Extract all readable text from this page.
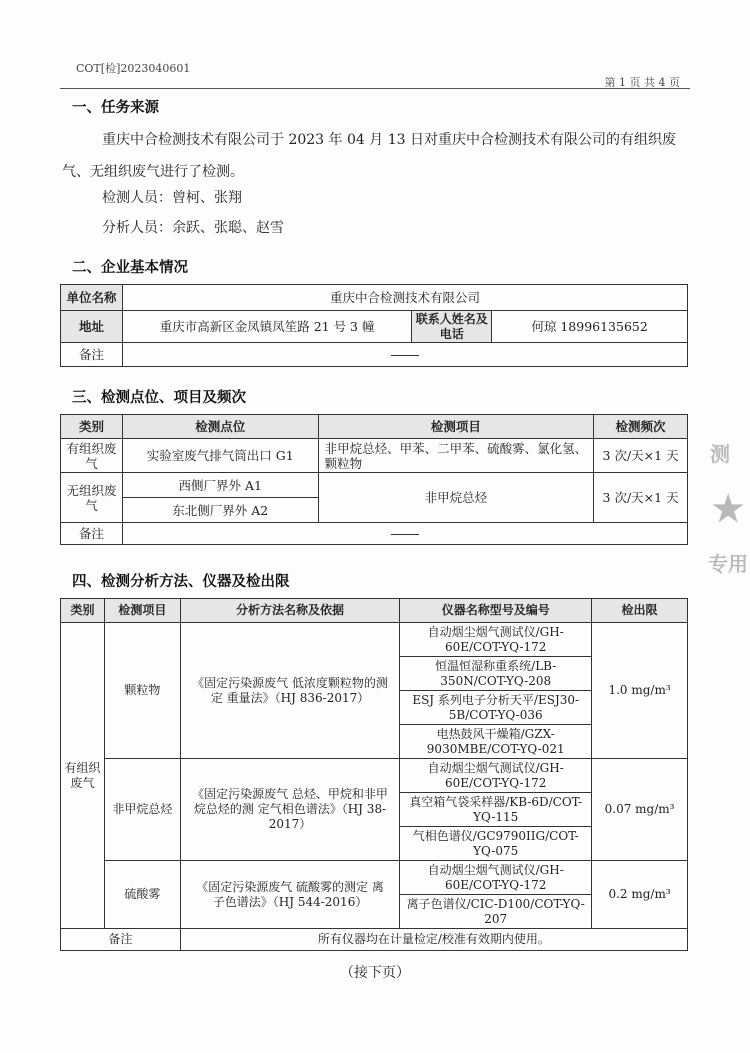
COT[检]2023040601
第 1 页 共 4 页
一、任务来源
重庆中合检测技术有限公司于 2023 年 04 月 13 日对重庆中合检测技术有限公司的有组织废气、无组织废气进行了检测。
检测人员：曾柯、张翔
分析人员：余跃、张聪、赵雪
二、企业基本情况
单位名称	重庆中合检测技术有限公司		
地址	重庆市高新区金凤镇凤笙路 21 号 3 幢	联系人姓名及电话	何琼 18996135652
备注			
三、检测点位、项目及频次
类别	检测点位	检测项目	检测频次
有组织废气	实验室废气排气筒出口 G1	非甲烷总烃、甲苯、二甲苯、硫酸雾、氯化氢、颗粒物	3 次/天×1 天
无组织废气	西侧厂界外 A1	非甲烷总烃	3 次/天×1 天
	东北侧厂界外 A2		
备注			
四、检测分析方法、仪器及检出限
类别	检测项目	分析方法名称及依据	仪器名称型号及编号	检出限
有组织废气	颗粒物	《固定污染源废气 低浓度颗粒物的测定 重量法》（HJ 836-2017）	自动烟尘烟气测试仪/GH-60E/COT-YQ-172	1.0 mg/m³
			恒温恒湿称重系统/LB-350N/COT-YQ-208	
			ESJ 系列电子分析天平/ESJ30-5B/COT-YQ-036	
			电热鼓风干燥箱/GZX-9030MBE/COT-YQ-021	
	非甲烷总烃	《固定污染源废气 总烃、甲烷和非甲烷总烃的测 定气相色谱法》（HJ 38-2017）	自动烟尘烟气测试仪/GH-60E/COT-YQ-172	0.07 mg/m³
			真空箱气袋采样器/KB-6D/COT-YQ-115	
			气相色谱仪/GC9790IIG/COT-YQ-075	
	硫酸雾	《固定污染源废气 硫酸雾的测定 离子色谱法》（HJ 544-2016）	自动烟尘烟气测试仪/GH-60E/COT-YQ-172	0.2 mg/m³
			离子色谱仪/CIC-D100/COT-YQ-207	
备注		所有仪器均在计量检定/校准有效期内使用。		
（接下页）
测
★
专用
